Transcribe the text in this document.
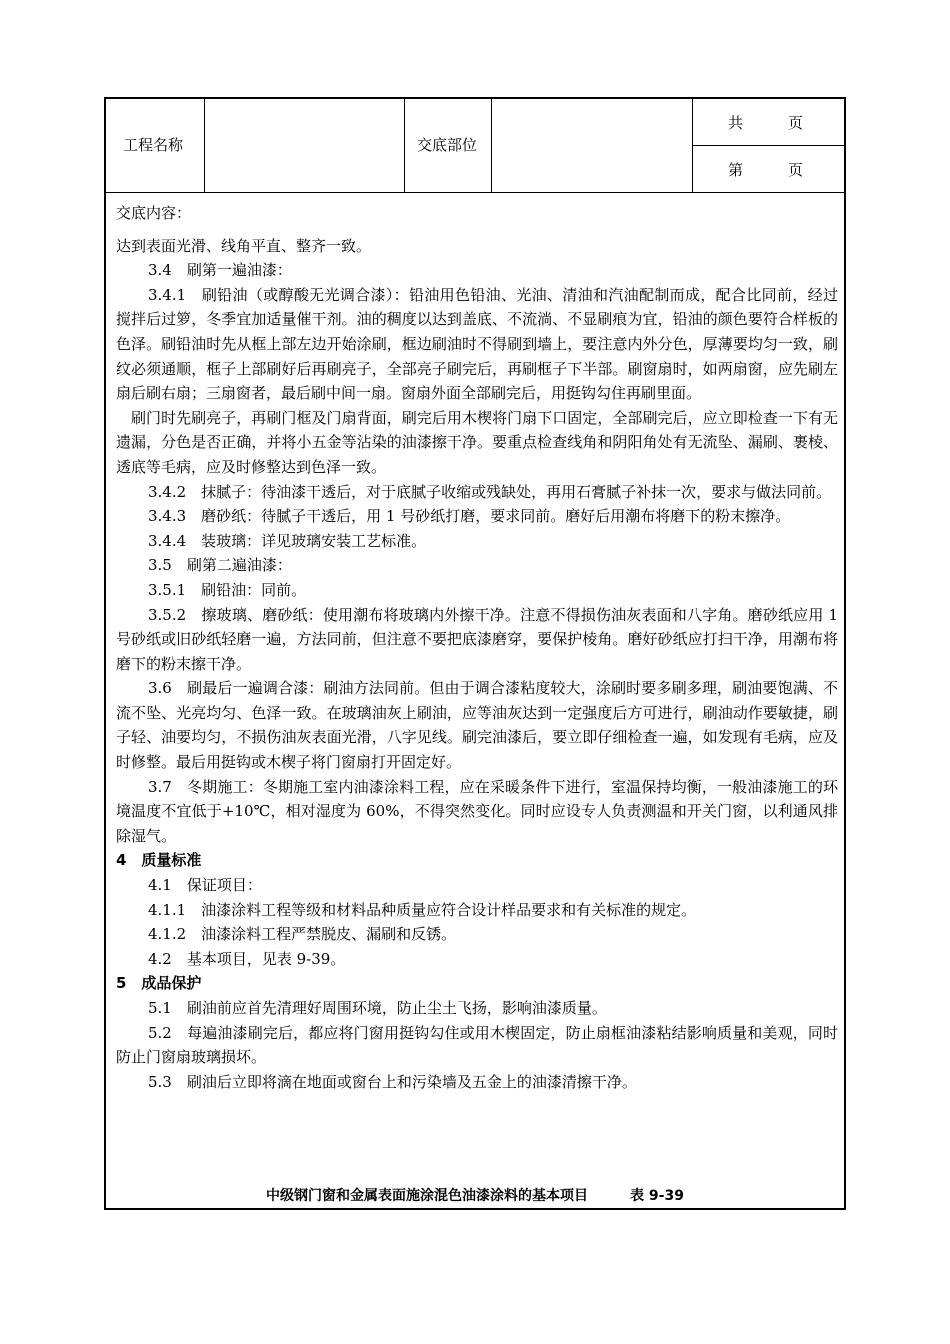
工程名称	交底部位
共　　　页
第　　　页

交底内容：

达到表面光滑、线角平直、整齐一致。

3.4　刷第一遍油漆：

3.4.1　刷铅油（或醇酸无光调合漆）：铅油用色铅油、光油、清油和汽油配制而成，配合比同前，经过搅拌后过箩，冬季宜加适量催干剂。油的稠度以达到盖底、不流淌、不显刷痕为宜，铅油的颜色要符合样板的色泽。刷铅油时先从框上部左边开始涂刷，框边刷油时不得刷到墙上，要注意内外分色，厚薄要均匀一致，刷纹必须通顺，框子上部刷好后再刷亮子，全部亮子刷完后，再刷框子下半部。刷窗扇时，如两扇窗，应先刷左扇后刷右扇；三扇窗者，最后刷中间一扇。窗扇外面全部刷完后，用挺钩勾住再刷里面。

刷门时先刷亮子，再刷门框及门扇背面，刷完后用木楔将门扇下口固定，全部刷完后，应立即检查一下有无遗漏，分色是否正确，并将小五金等沾染的油漆擦干净。要重点检查线角和阴阳角处有无流坠、漏刷、裹棱、透底等毛病，应及时修整达到色泽一致。

3.4.2　抹腻子：待油漆干透后，对于底腻子收缩或残缺处，再用石膏腻子补抹一次，要求与做法同前。

3.4.3　磨砂纸：待腻子干透后，用 1 号砂纸打磨，要求同前。磨好后用潮布将磨下的粉末擦净。

3.4.4　装玻璃：详见玻璃安装工艺标准。

3.5　刷第二遍油漆：

3.5.1　刷铅油：同前。

3.5.2　擦玻璃、磨砂纸：使用潮布将玻璃内外擦干净。注意不得损伤油灰表面和八字角。磨砂纸应用 1 号砂纸或旧砂纸轻磨一遍，方法同前，但注意不要把底漆磨穿，要保护棱角。磨好砂纸应打扫干净，用潮布将磨下的粉末擦干净。

3.6　刷最后一遍调合漆：刷油方法同前。但由于调合漆粘度较大，涂刷时要多刷多理，刷油要饱满、不流不坠、光亮均匀、色泽一致。在玻璃油灰上刷油，应等油灰达到一定强度后方可进行，刷油动作要敏捷，刷子轻、油要均匀，不损伤油灰表面光滑，八字见线。刷完油漆后，要立即仔细检查一遍，如发现有毛病，应及时修整。最后用挺钩或木楔子将门窗扇打开固定好。

3.7　冬期施工：冬期施工室内油漆涂料工程，应在采暖条件下进行，室温保持均衡，一般油漆施工的环境温度不宜低于+10℃，相对湿度为 60%，不得突然变化。同时应设专人负责测温和开关门窗，以利通风排除湿气。

4　质量标准

4.1　保证项目：

4.1.1　油漆涂料工程等级和材料品种质量应符合设计样品要求和有关标准的规定。

4.1.2　油漆涂料工程严禁脱皮、漏刷和反锈。

4.2　基本项目，见表 9-39。

5　成品保护

5.1　刷油前应首先清理好周围环境，防止尘土飞扬，影响油漆质量。

5.2　每遍油漆刷完后，都应将门窗用挺钩勾住或用木楔固定，防止扇框油漆粘结影响质量和美观，同时防止门窗扇玻璃损坏。

5.3　刷油后立即将滴在地面或窗台上和污染墙及五金上的油漆清擦干净。

中级钢门窗和金属表面施涂混色油漆涂料的基本项目　　　表 9-39
